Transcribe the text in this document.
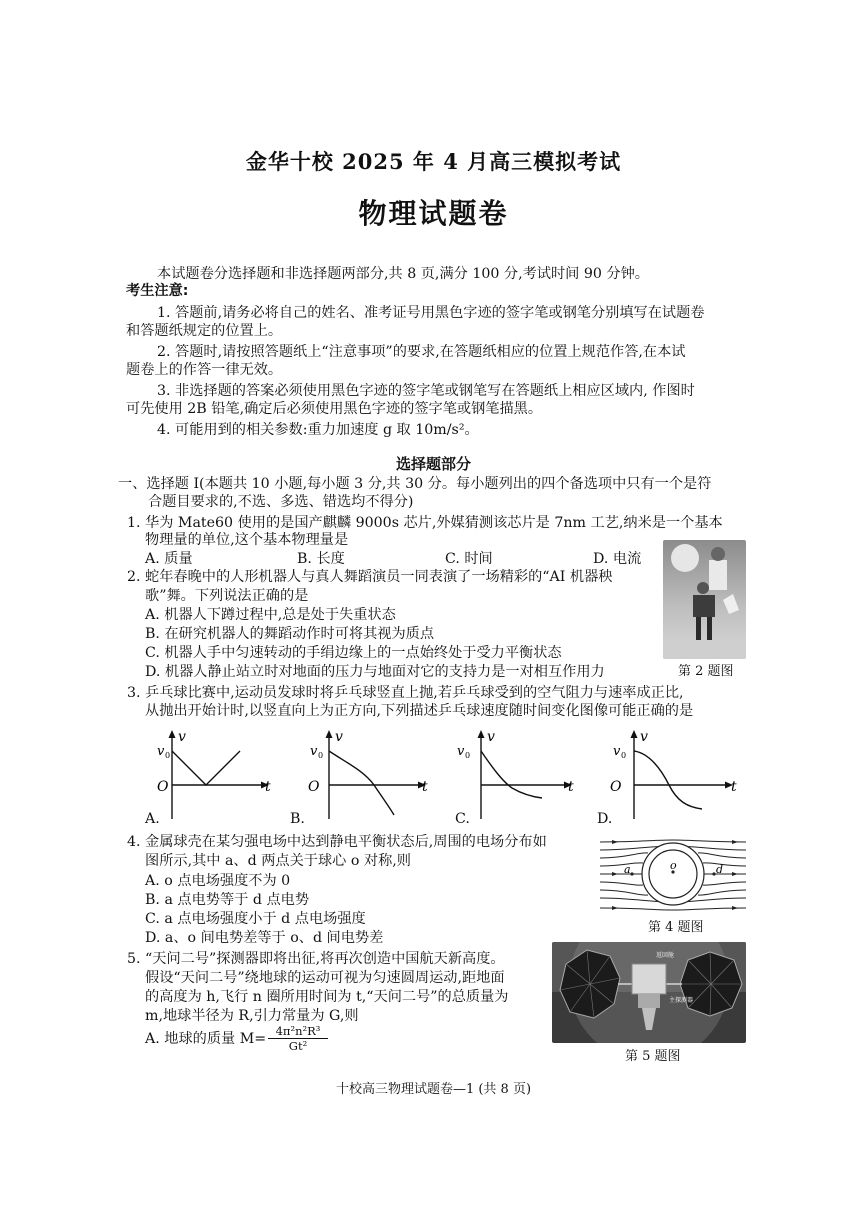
金华十校 2025 年 4 月高三模拟考试
物理试题卷
本试题卷分选择题和非选择题两部分,共 8 页,满分 100 分,考试时间 90 分钟。
考生注意:
1. 答题前,请务必将自己的姓名、准考证号用黑色字迹的签字笔或钢笔分别填写在试题卷
和答题纸规定的位置上。
2. 答题时,请按照答题纸上“注意事项”的要求,在答题纸相应的位置上规范作答,在本试
题卷上的作答一律无效。
3. 非选择题的答案必须使用黑色字迹的签字笔或钢笔写在答题纸上相应区域内, 作图时
可先使用 2B 铅笔,确定后必须使用黑色字迹的签字笔或钢笔描黑。
4. 可能用到的相关参数:重力加速度 g 取 10m/s²。
选择题部分
一、选择题 I(本题共 10 小题,每小题 3 分,共 30 分。每小题列出的四个备选项中只有一个是符
合题目要求的,不选、多选、错选均不得分)
1. 华为 Mate60 使用的是国产麒麟 9000s 芯片,外媒猜测该芯片是 7nm 工艺,纳米是一个基本
物理量的单位,这个基本物理量是
A. 质量	B. 长度	C. 时间	D. 电流
2. 蛇年春晚中的人形机器人与真人舞蹈演员一同表演了一场精彩的“AI 机器秧
歌”舞。下列说法正确的是
A. 机器人下蹲过程中,总是处于失重状态
B. 在研究机器人的舞蹈动作时可将其视为质点
C. 机器人手中匀速转动的手绢边缘上的一点始终处于受力平衡状态
D. 机器人静止站立时对地面的压力与地面对它的支持力是一对相互作用力	第 2 题图
3. 乒乓球比赛中,运动员发球时将乒乓球竖直上抛,若乒乓球受到的空气阻力与速率成正比,
从抛出开始计时,以竖直向上为正方向,下列描述乒乓球速度随时间变化图像可能正确的是
v
v 0
O	t
A.
v
v 0
O	t
B.
v
v 0
t
C.
v
v 0
O	t
D.
4. 金属球壳在某匀强电场中达到静电平衡状态后,周围的电场分布如
图所示,其中 a、d 两点关于球心 o 对称,则
A. o 点电场强度不为 0
B. a 点电势等于 d 点电势
C. a 点电场强度小于 d 点电场强度
D. a、o 间电势差等于 o、d 间电势差
a	o	d
第 4 题图
5. “天问二号”探测器即将出征,将再次创造中国航天新高度。
假设“天问二号”绕地球的运动可视为匀速圆周运动,距地面
的高度为 h,飞行 n 圈所用时间为 t,“天问二号”的总质量为
m,地球半径为 R,引力常量为 G,则
A. 地球的质量 $M= \frac{\text{4π²n²R³}}{\text{Gt²}}$
返回舱
主探测器
第 5 题图
十校高三物理试题卷—1 (共 8 页)
